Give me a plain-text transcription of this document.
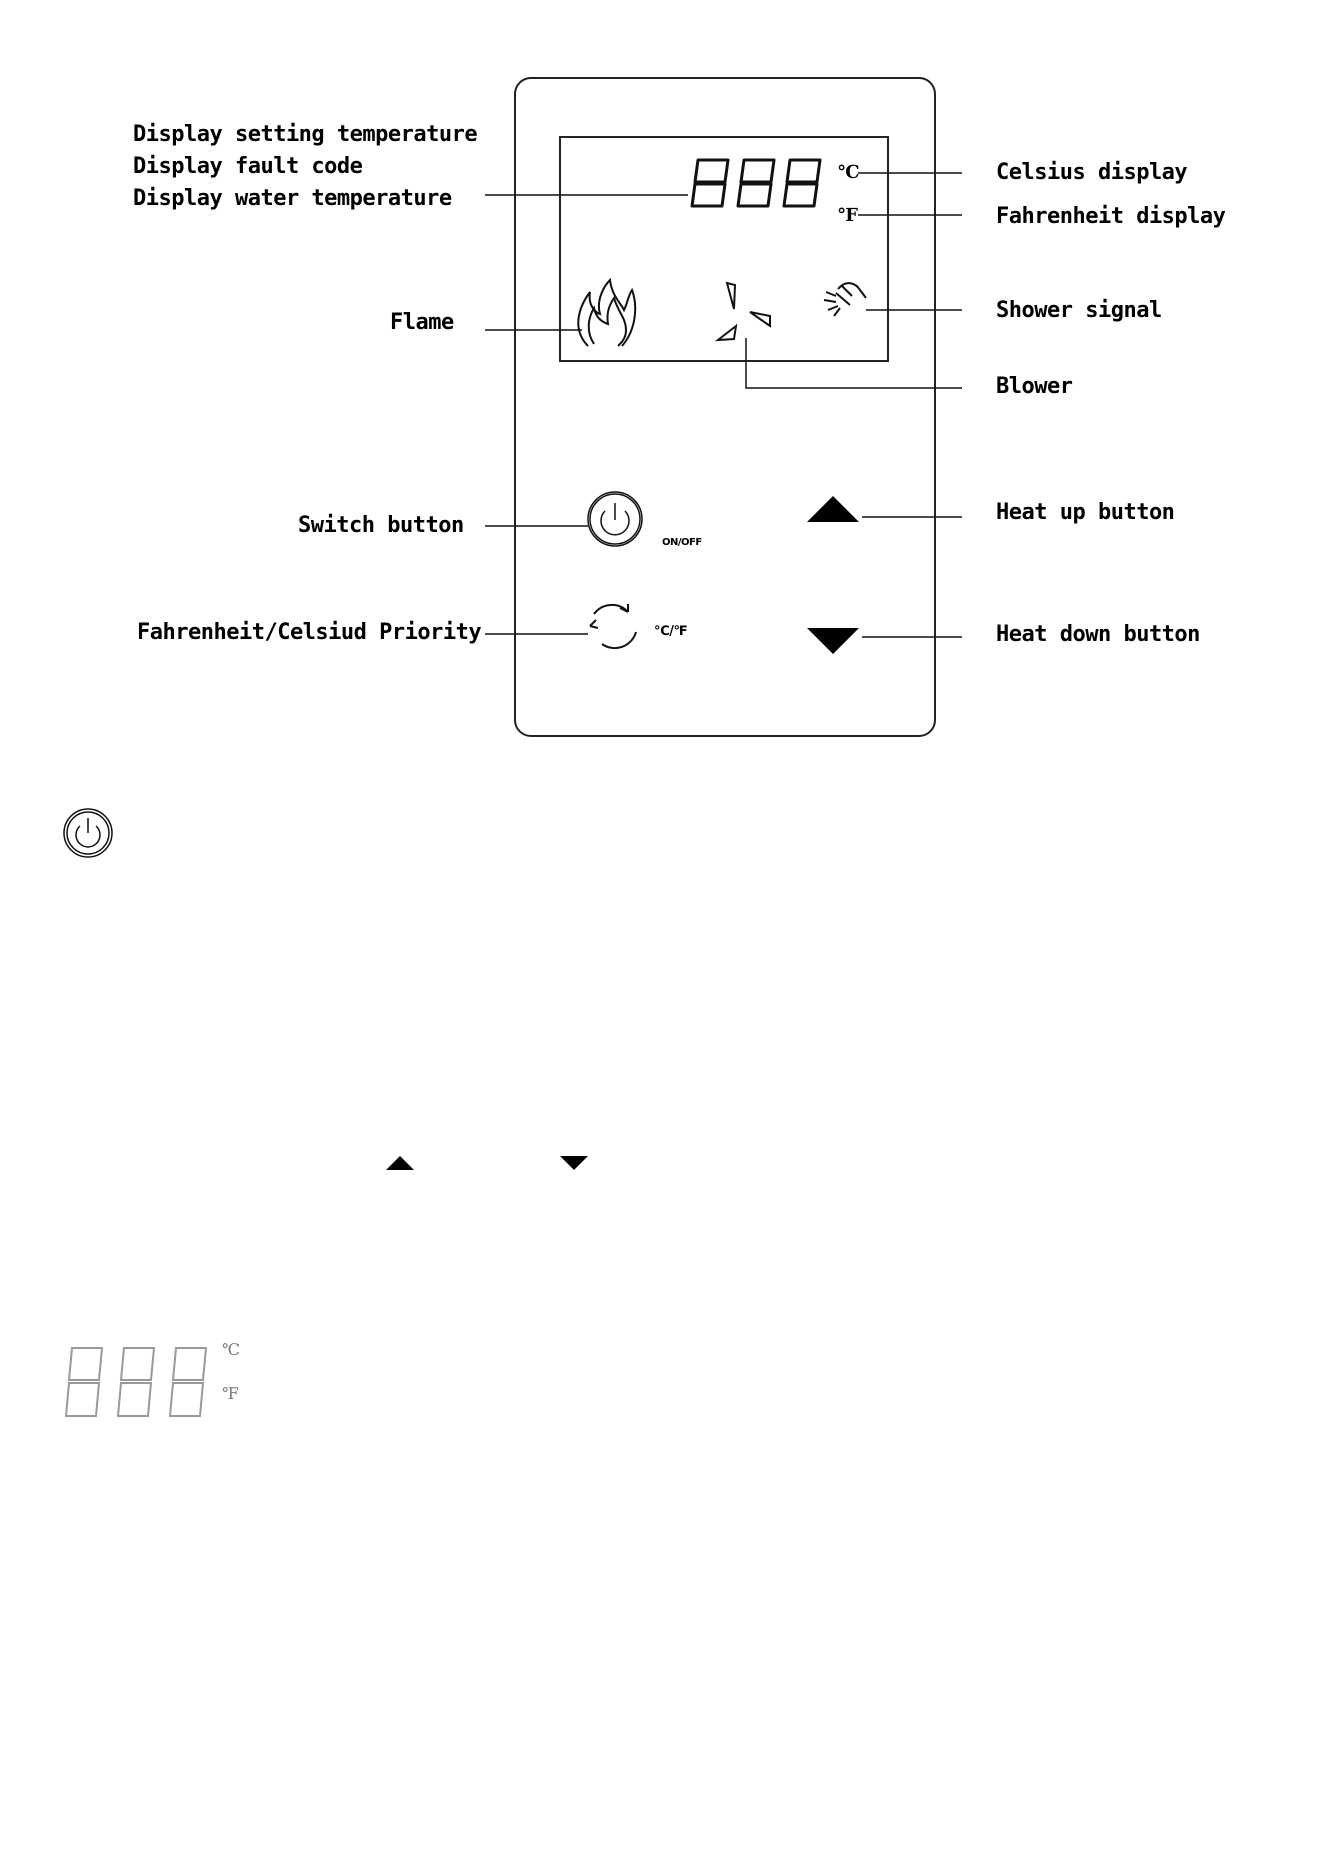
℃
℉
ON/OFF
℃/℉
Display setting temperature
Display fault code
Display water temperature
Flame
Switch button
Fahrenheit/Celsiud Priority
Celsius display
Fahrenheit display
Shower signal
Blower
Heat up button
Heat down button
℃
℉
